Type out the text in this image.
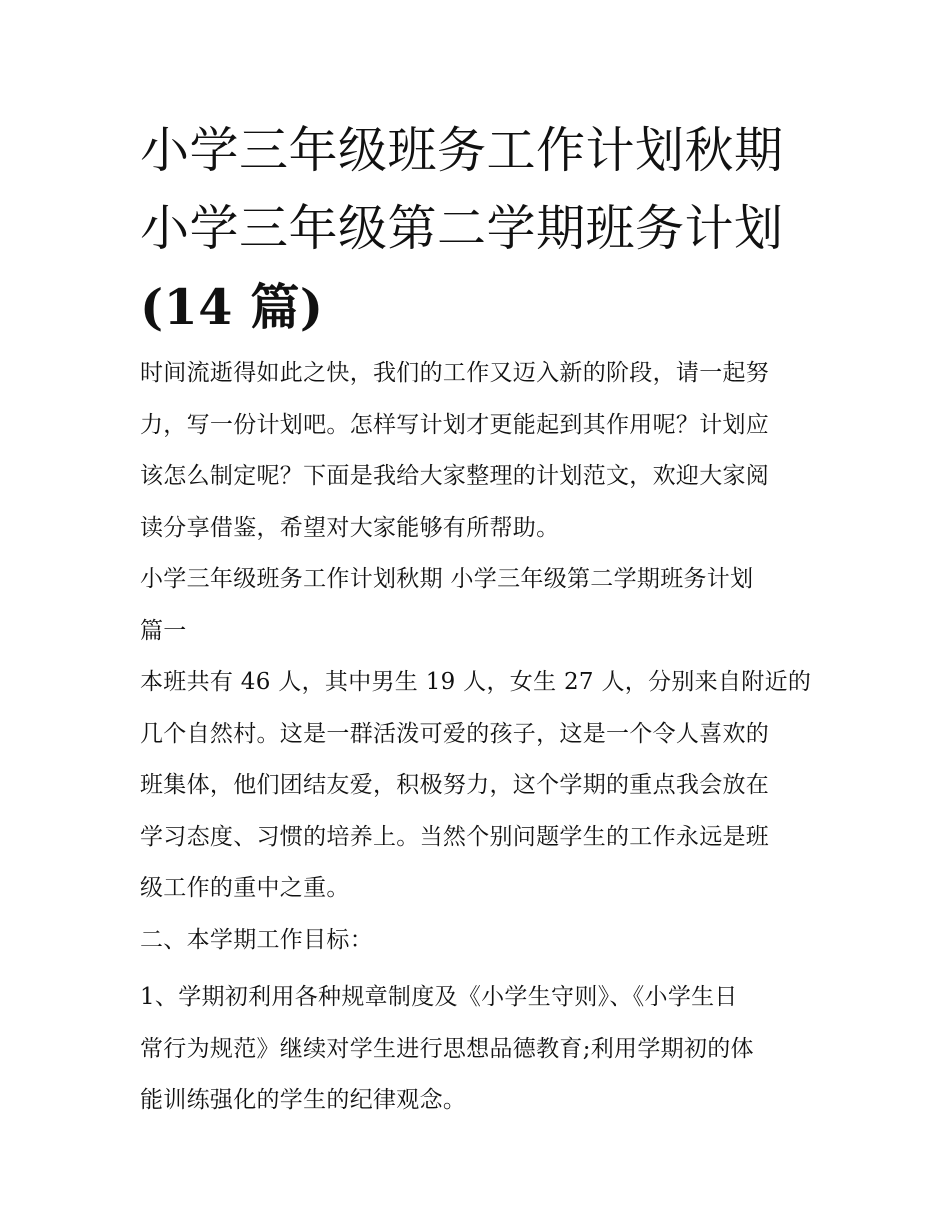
小学三年级班务工作计划秋期
小学三年级第二学期班务计划
(14 篇)

时间流逝得如此之快，我们的工作又迈入新的阶段，请一起努

力，写一份计划吧。怎样写计划才更能起到其作用呢？计划应

该怎么制定呢？下面是我给大家整理的计划范文，欢迎大家阅

读分享借鉴，希望对大家能够有所帮助。

小学三年级班务工作计划秋期 小学三年级第二学期班务计划

篇一

本班共有 46 人，其中男生 19 人，女生 27 人，分别来自附近的

几个自然村。这是一群活泼可爱的孩子，这是一个令人喜欢的

班集体，他们团结友爱，积极努力，这个学期的重点我会放在

学习态度、习惯的培养上。当然个别问题学生的工作永远是班

级工作的重中之重。

二、本学期工作目标：

1、学期初利用各种规章制度及《小学生守则》、《小学生日

常行为规范》继续对学生进行思想品德教育;利用学期初的体

能训练强化的学生的纪律观念。
